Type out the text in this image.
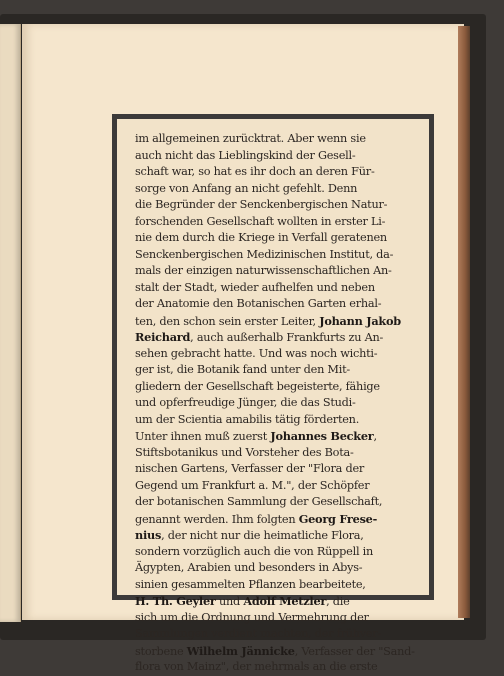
im allgemeinen zurücktrat. Aber wenn sie
auch nicht das Lieblingskind der Gesell-
schaft war, so hat es ihr doch an deren Für-
sorge von Anfang an nicht gefehlt. Denn
die Begründer der Senckenbergischen Natur-
forschenden Gesellschaft wollten in erster Li-
nie dem durch die Kriege in Verfall geratenen
Senckenbergischen Medizinischen Institut, da-
mals der einzigen naturwissenschaftlichen An-
stalt der Stadt, wieder aufhelfen und neben
der Anatomie den Botanischen Garten erhal-
ten, den schon sein erster Leiter, Johann Jakob
Reichard, auch außerhalb Frankfurts zu An-
sehen gebracht hatte. Und was noch wichti-
ger ist, die Botanik fand unter den Mit-
gliedern der Gesellschaft begeisterte, fähige
und opferfreudige Jünger, die das Studi-
um der Scientia amabilis tätig förderten.
Unter ihnen muß zuerst Johannes Becker,
Stiftsbotanikus und Vorsteher des Bota-
nischen Gartens, Verfasser der "Flora der
Gegend um Frankfurt a. M.", der Schöpfer
der botanischen Sammlung der Gesellschaft,
genannt werden. Ihm folgten Georg Frese-
nius, der nicht nur die heimatliche Flora,
sondern vorzüglich auch die von Rüppell in
Ägypten, Arabien und besonders in Abys-
sinien gesammelten Pflanzen bearbeitete,
H. Th. Geyler und Adolf Metzler, die
sich um die Ordnung und Vermehrung der
Sammlungen verdient machten, der frühver-
storbene Wilhelm Jännicke, Verfasser der "Sand-
flora von Mainz", der mehrmals an die erste
